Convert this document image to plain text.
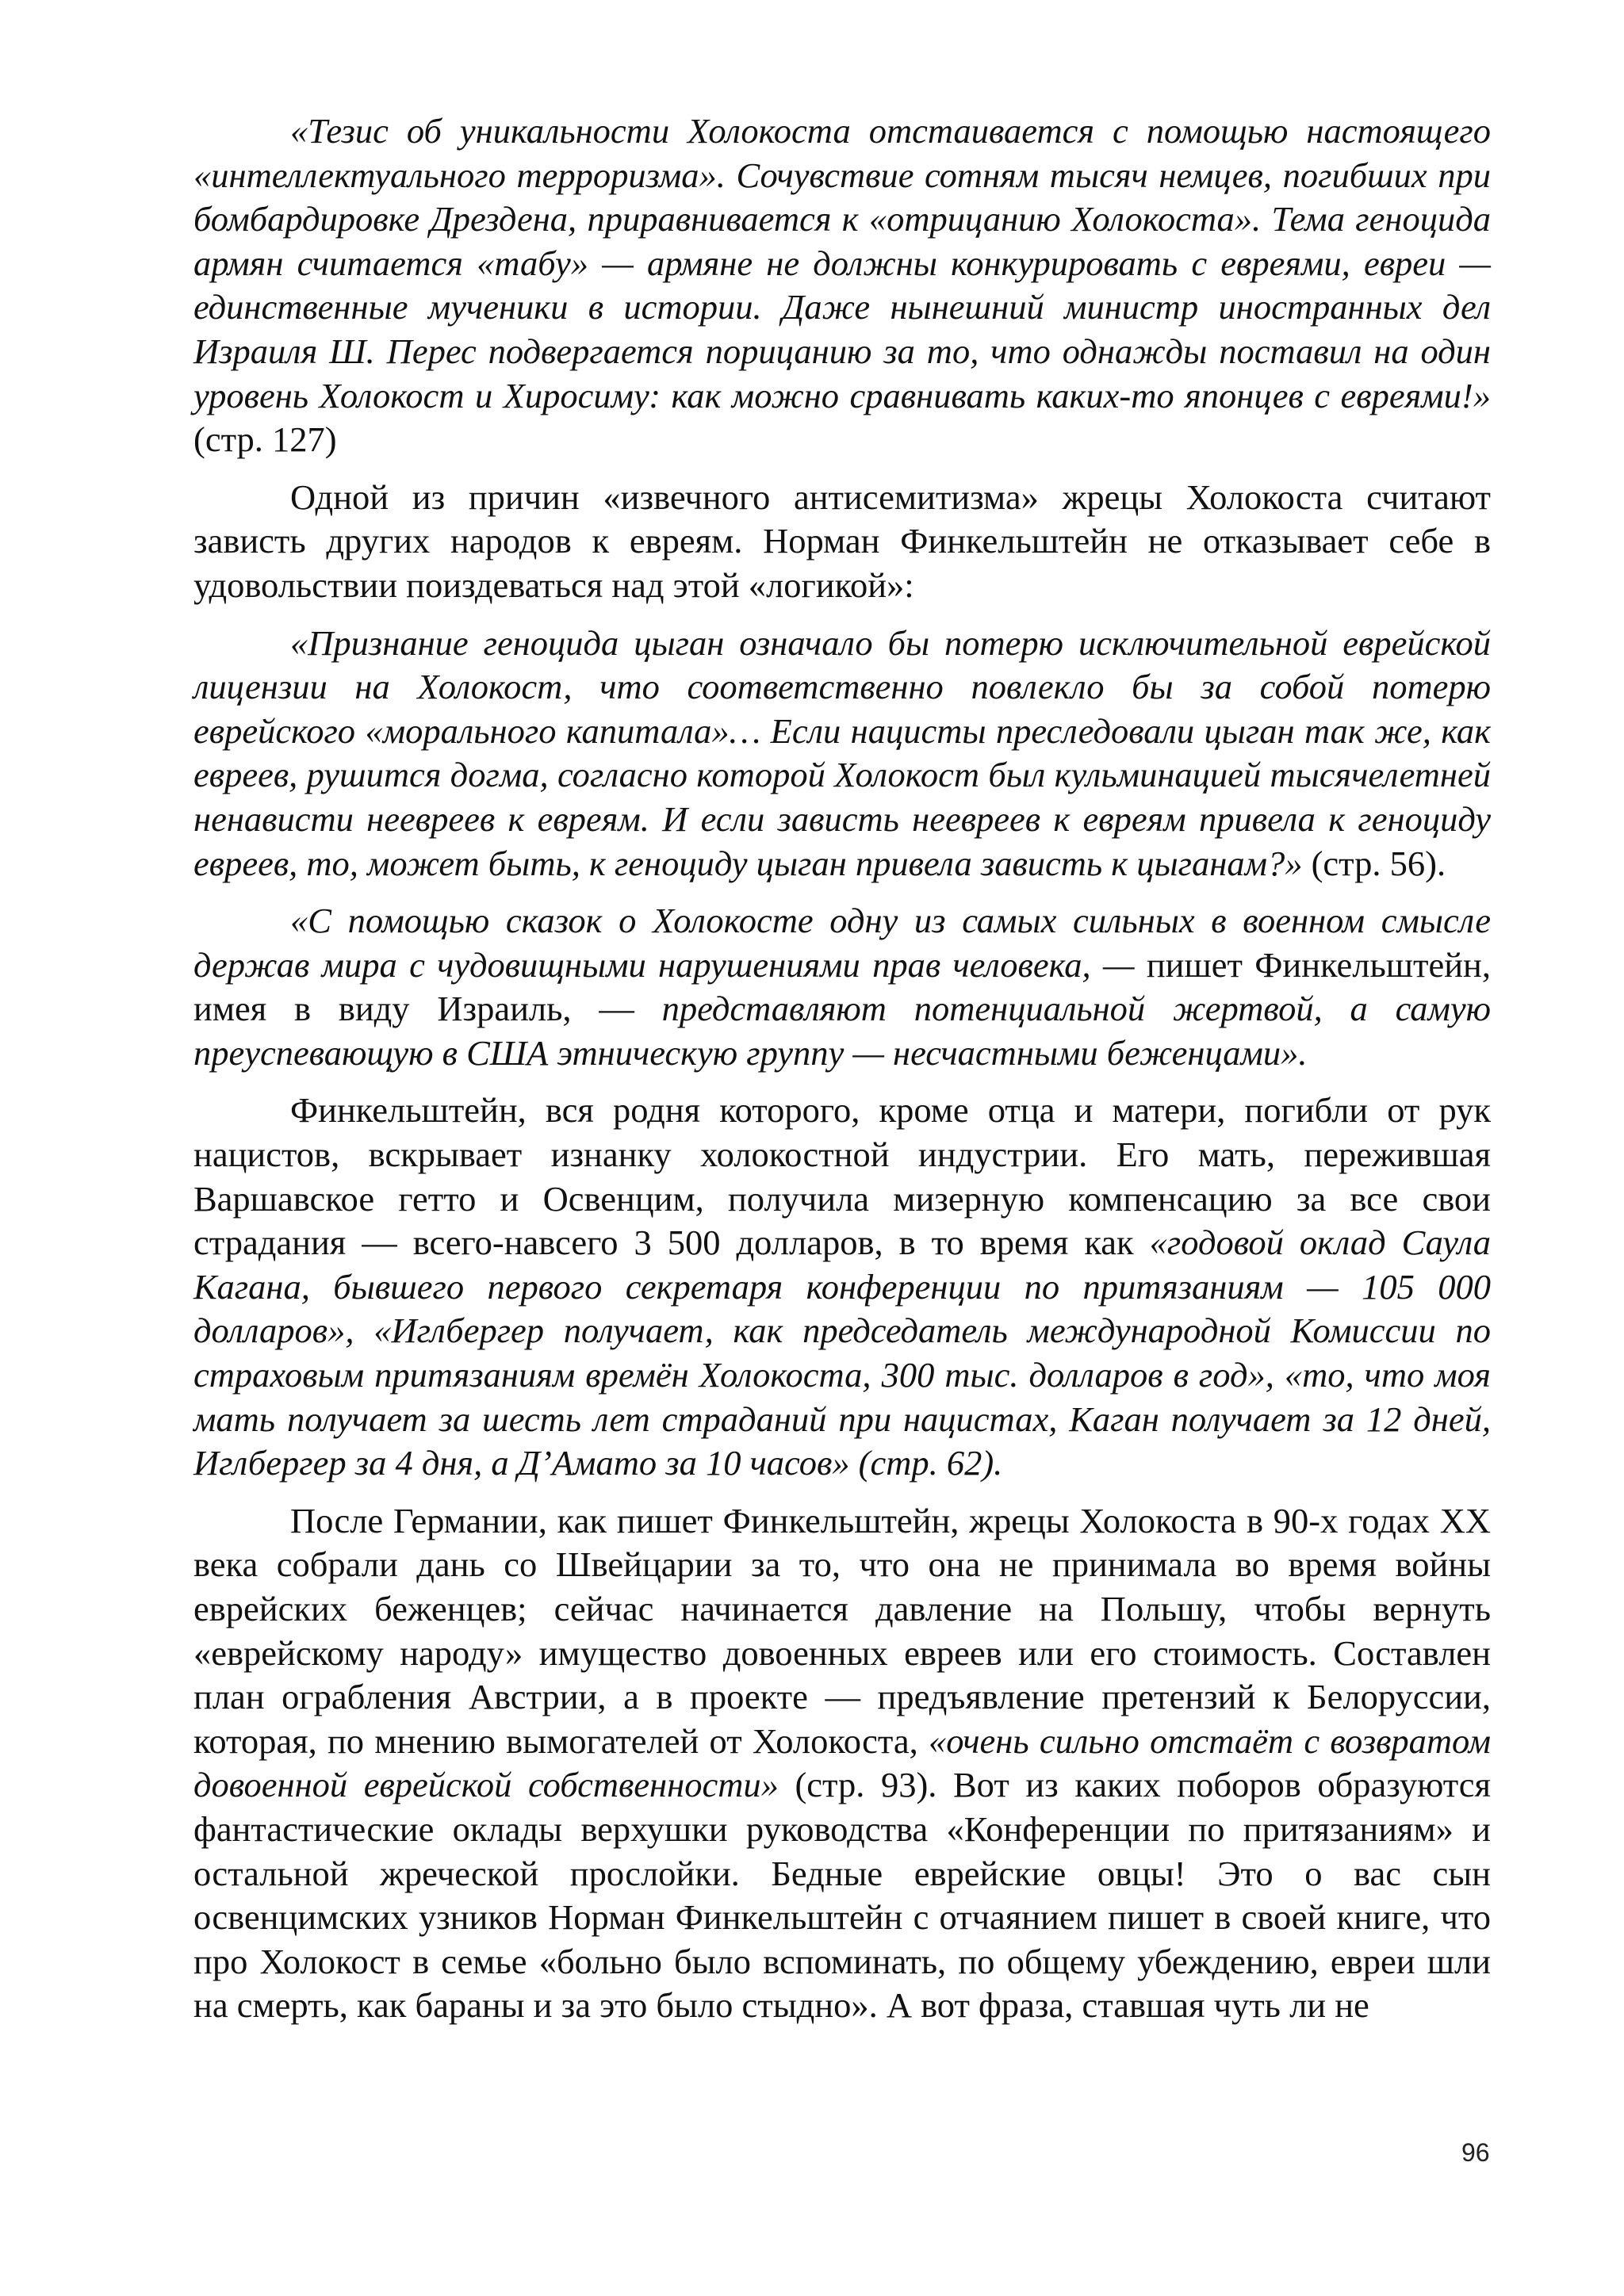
«Тезис об уникальности Холокоста отстаивается с помощью настоящего «интеллектуального терроризма». Сочувствие сотням тысяч немцев, погибших при бомбардировке Дрездена, приравнивается к «отрицанию Холокоста». Тема геноцида армян считается «табу» — армяне не должны конкурировать с евреями, евреи — единственные мученики в истории. Даже нынешний министр иностранных дел Израиля Ш. Перес подвергается порицанию за то, что однажды поставил на один уровень Холокост и Хиросиму: как можно сравнивать каких-то японцев с евреями!» (стр. 127)

Одной из причин «извечного антисемитизма» жрецы Холокоста считают зависть других народов к евреям. Норман Финкельштейн не отказывает себе в удовольствии поиздеваться над этой «логикой»:

«Признание геноцида цыган означало бы потерю исключительной еврейской лицензии на Холокост, что соответственно повлекло бы за собой потерю еврейского «морального капитала»… Если нацисты преследовали цыган так же, как евреев, рушится догма, согласно которой Холокост был кульминацией тысячелетней ненависти неевреев к евреям. И если зависть неевреев к евреям привела к геноциду евреев, то, может быть, к геноциду цыган привела зависть к цыганам?» (стр. 56).

«С помощью сказок о Холокосте одну из самых сильных в военном смысле держав мира с чудовищными нарушениями прав человека, — пишет Финкельштейн, имея в виду Израиль, — представляют потенциальной жертвой, а самую преуспевающую в США этническую группу — несчастными беженцами».

Финкельштейн, вся родня которого, кроме отца и матери, погибли от рук нацистов, вскрывает изнанку холокостной индустрии. Его мать, пережившая Варшавское гетто и Освенцим, получила мизерную компенсацию за все свои страдания — всего-навсего 3 500 долларов, в то время как «годовой оклад Саула Кагана, бывшего первого секретаря конференции по притязаниям — 105 000 долларов», «Иглбергер получает, как председатель международной Комиссии по страховым притязаниям времён Холокоста, 300 тыс. долларов в год», «то, что моя мать получает за шесть лет страданий при нацистах, Каган получает за 12 дней, Иглбергер за 4 дня, а Д’Амато за 10 часов» (стр. 62).

После Германии, как пишет Финкельштейн, жрецы Холокоста в 90-х годах XX века собрали дань со Швейцарии за то, что она не принимала во время войны еврейских беженцев; сейчас начинается давление на Польшу, чтобы вернуть «еврейскому народу» имущество довоенных евреев или его стоимость. Составлен план ограбления Австрии, а в проекте — предъявление претензий к Белоруссии, которая, по мнению вымогателей от Холокоста, «очень сильно отстаёт с возвратом довоенной еврейской собственности» (стр. 93). Вот из каких поборов образуются фантастические оклады верхушки руководства «Конференции по притязаниям» и остальной жреческой прослойки. Бедные еврейские овцы! Это о вас сын освенцимских узников Норман Финкельштейн с отчаянием пишет в своей книге, что про Холокост в семье «больно было вспоминать, по общему убеждению, евреи шли на смерть, как бараны и за это было стыдно». А вот фраза, ставшая чуть ли не

96
